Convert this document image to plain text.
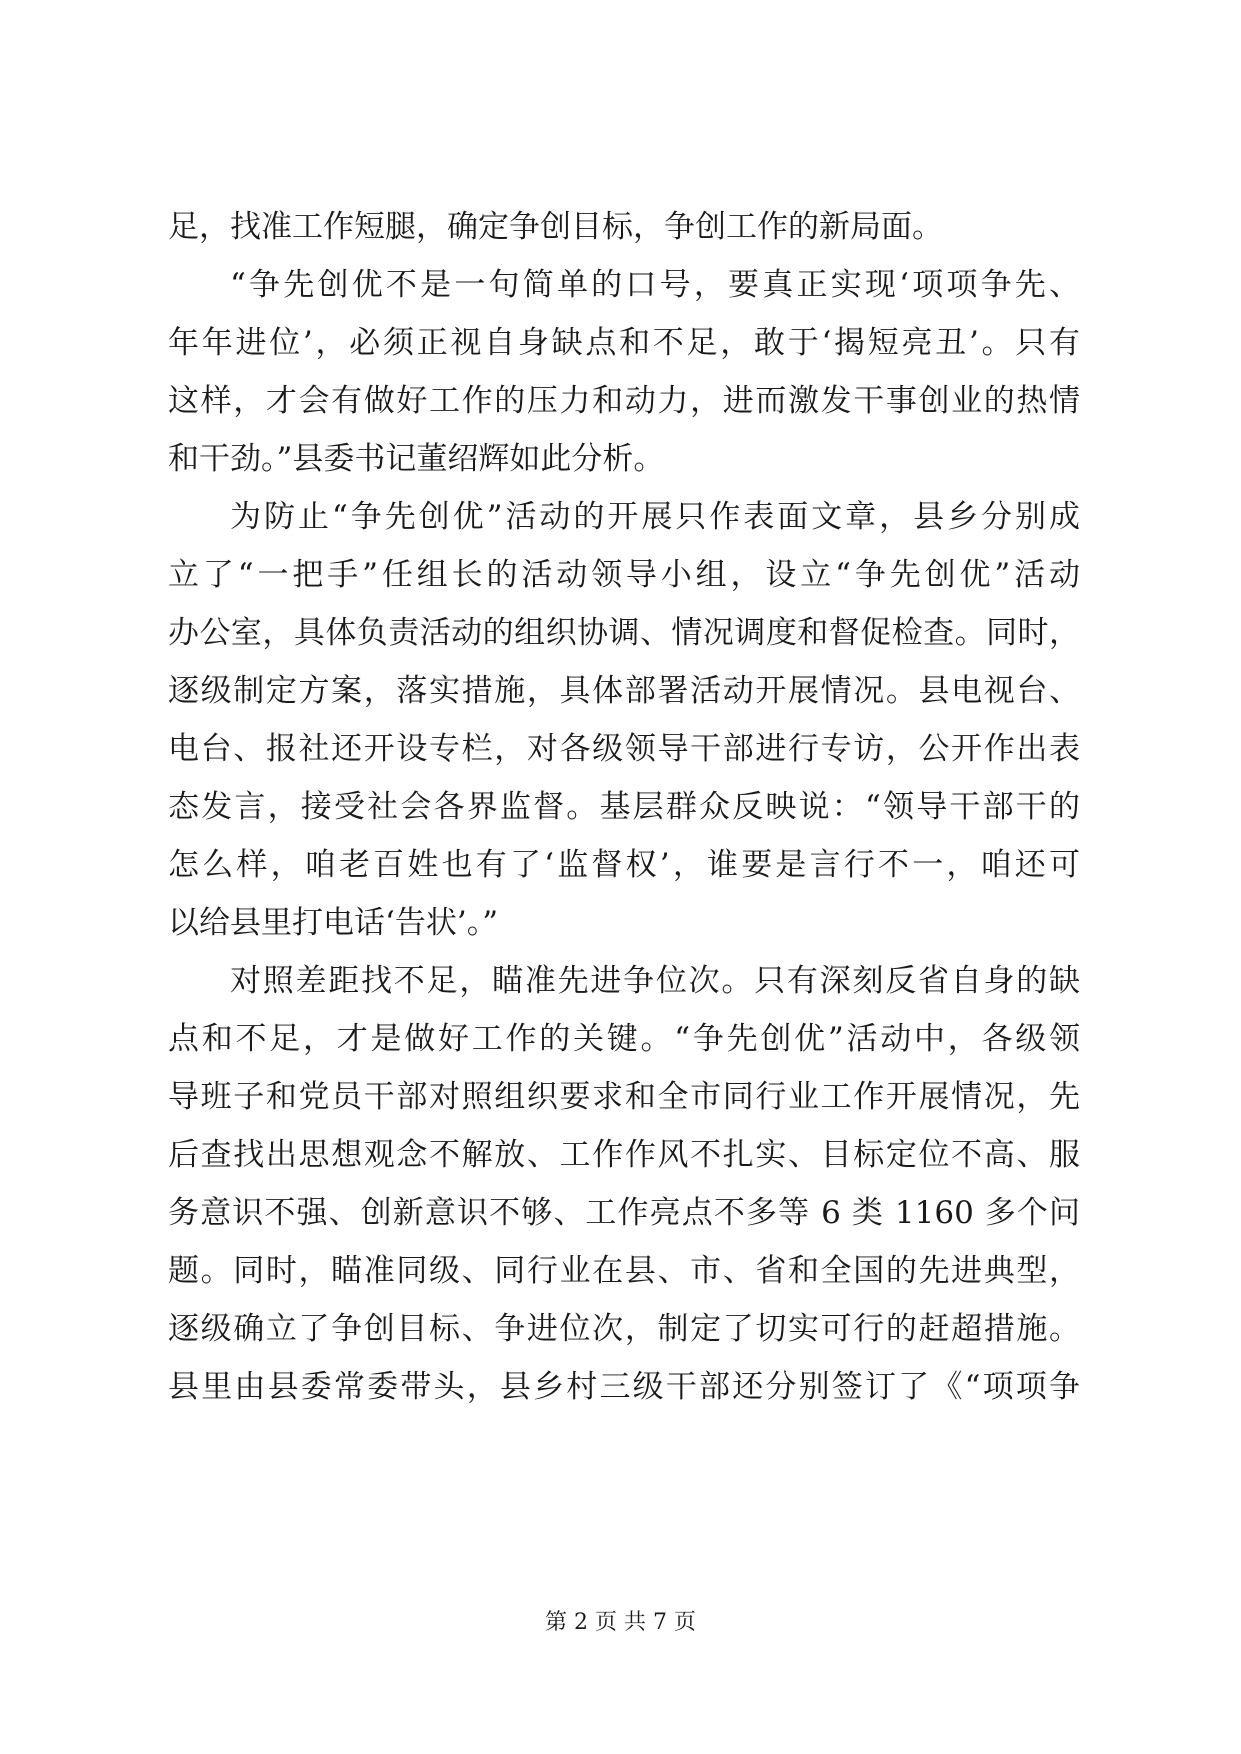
足，找准工作短腿，确定争创目标，争创工作的新局面。
“争先创优不是一句简单的口号，要真正实现‘项项争先、
年年进位’，必须正视自身缺点和不足，敢于‘揭短亮丑’。只有
这样，才会有做好工作的压力和动力，进而激发干事创业的热情
和干劲。”县委书记董绍辉如此分析。
为防止“争先创优”活动的开展只作表面文章，县乡分别成
立了“一把手”任组长的活动领导小组，设立“争先创优”活动
办公室，具体负责活动的组织协调、情况调度和督促检查。同时，
逐级制定方案，落实措施，具体部署活动开展情况。县电视台、
电台、报社还开设专栏，对各级领导干部进行专访，公开作出表
态发言，接受社会各界监督。基层群众反映说：“领导干部干的
怎么样，咱老百姓也有了‘监督权’，谁要是言行不一，咱还可
以给县里打电话‘告状’。”
对照差距找不足，瞄准先进争位次。只有深刻反省自身的缺
点和不足，才是做好工作的关键。“争先创优”活动中，各级领
导班子和党员干部对照组织要求和全市同行业工作开展情况，先
后查找出思想观念不解放、工作作风不扎实、目标定位不高、服
务意识不强、创新意识不够、工作亮点不多等 6 类 1160 多个问
题。同时，瞄准同级、同行业在县、市、省和全国的先进典型，
逐级确立了争创目标、争进位次，制定了切实可行的赶超措施。
县里由县委常委带头，县乡村三级干部还分别签订了《“项项争
第 2 页 共 7 页
